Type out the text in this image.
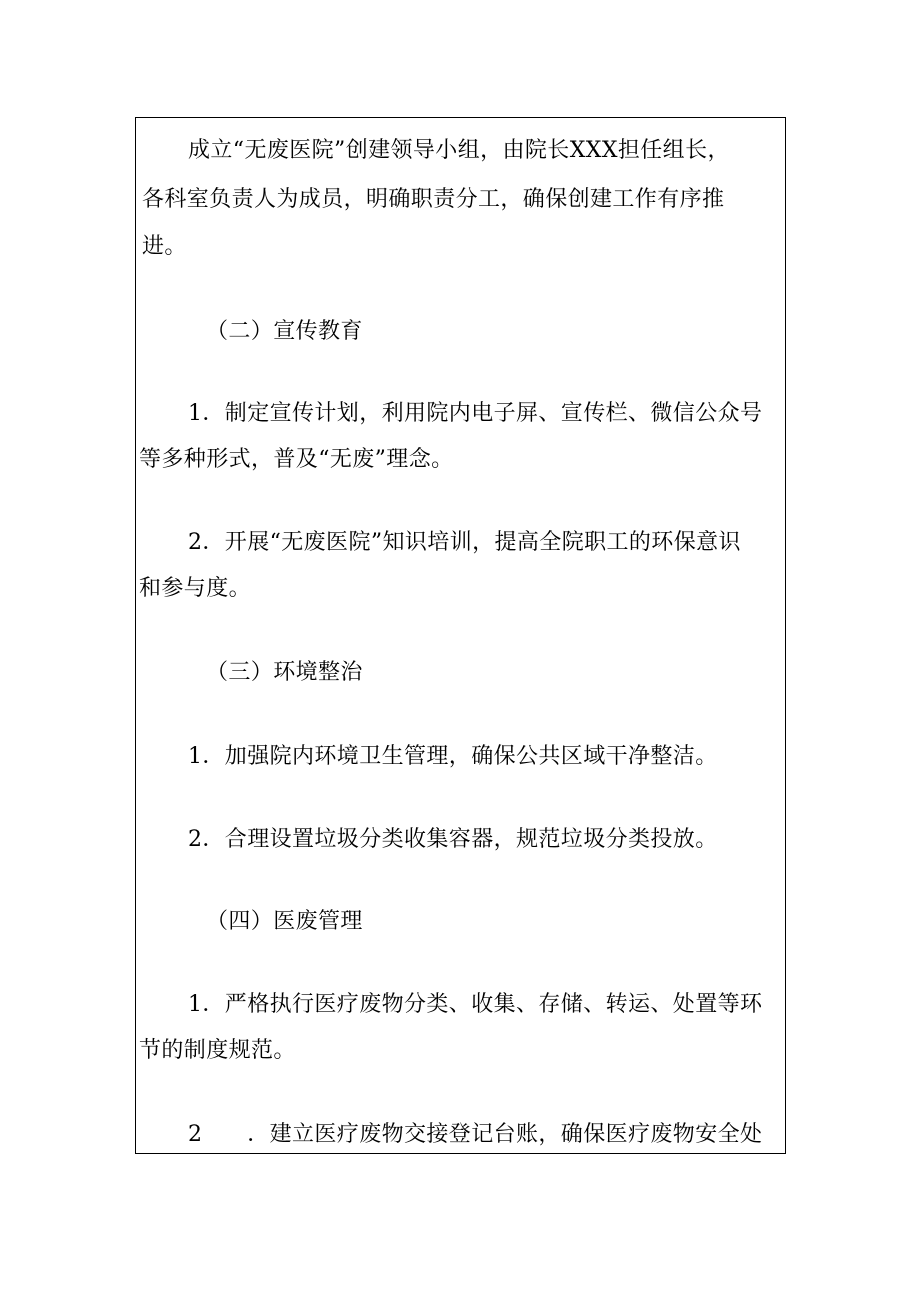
成立“无废医院”创建领导小组，由院长XXX担任组长，
各科室负责人为成员，明确职责分工，确保创建工作有序推
进。
（二）宣传教育
1．制定宣传计划，利用院内电子屏、宣传栏、微信公众号
等多种形式，普及“无废”理念。
2．开展“无废医院”知识培训，提高全院职工的环保意识
和参与度。
（三）环境整治
1．加强院内环境卫生管理，确保公共区域干净整洁。
2．合理设置垃圾分类收集容器，规范垃圾分类投放。
（四）医废管理
1．严格执行医疗废物分类、收集、存储、转运、处置等环
节的制度规范。
2　　．建立医疗废物交接登记台账，确保医疗废物安全处
